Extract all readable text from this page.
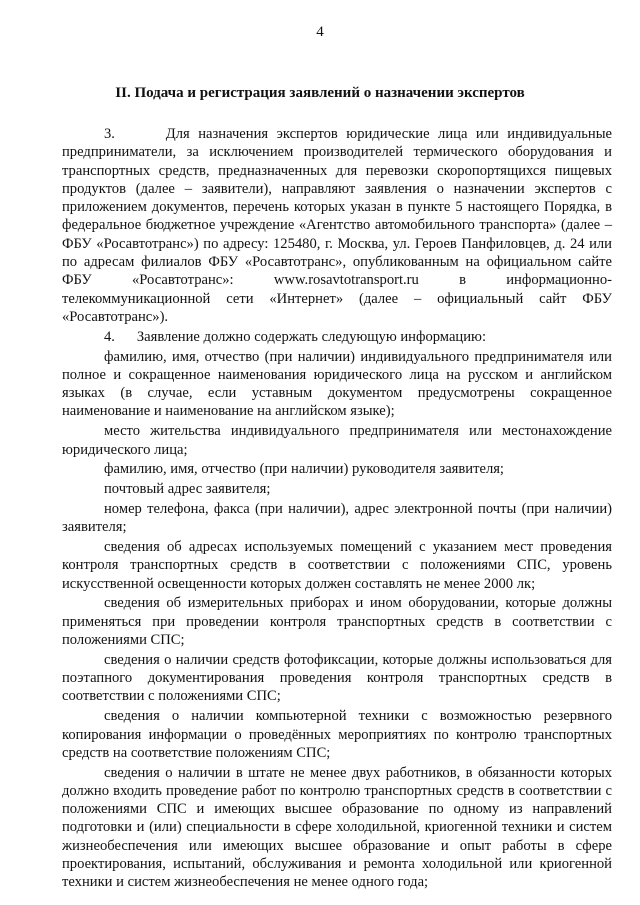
4
II. Подача и регистрация заявлений о назначении экспертов

3.      Для назначения экспертов юридические лица или индивидуальные предприниматели, за исключением производителей термического оборудования и транспортных средств, предназначенных для перевозки скоропортящихся пищевых продуктов (далее – заявители), направляют заявления о назначении экспертов с приложением документов, перечень которых указан в пункте 5 настоящего Порядка, в федеральное бюджетное учреждение «Агентство автомобильного транспорта» (далее – ФБУ «Росавтотранс») по адресу: 125480, г. Москва, ул. Героев Панфиловцев, д. 24 или по адресам филиалов ФБУ «Росавтотранс», опубликованным на официальном сайте ФБУ «Росавтотранс»: www.rosavtotransport.ru в информационно-телекоммуникационной сети «Интернет» (далее – официальный сайт ФБУ «Росавтотранс»).

4.      Заявление должно содержать следующую информацию:

фамилию, имя, отчество (при наличии) индивидуального предпринимателя или полное и сокращенное наименования юридического лица на русском и английском языках (в случае, если уставным документом предусмотрены сокращенное наименование и наименование на английском языке);

место жительства индивидуального предпринимателя или местонахождение юридического лица;

фамилию, имя, отчество (при наличии) руководителя заявителя;

почтовый адрес заявителя;

номер телефона, факса (при наличии), адрес электронной почты (при наличии) заявителя;

сведения об адресах используемых помещений с указанием мест проведения контроля транспортных средств в соответствии с положениями СПС, уровень искусственной освещенности которых должен составлять не менее 2000 лк;

сведения об измерительных приборах и ином оборудовании, которые должны применяться при проведении контроля транспортных средств в соответствии с положениями СПС;

сведения о наличии средств фотофиксации, которые должны использоваться для поэтапного документирования проведения контроля транспортных средств в соответствии с положениями СПС;

сведения о наличии компьютерной техники с возможностью резервного копирования информации о проведённых мероприятиях по контролю транспортных средств на соответствие положениям СПС;

сведения о наличии в штате не менее двух работников, в обязанности которых должно входить проведение работ по контролю транспортных средств в соответствии с положениями СПС и имеющих высшее образование по одному из направлений подготовки и (или) специальности в сфере холодильной, криогенной техники и систем жизнеобеспечения или имеющих высшее образование и опыт работы в сфере проектирования, испытаний, обслуживания и ремонта холодильной или криогенной техники и систем жизнеобеспечения не менее одного года;
